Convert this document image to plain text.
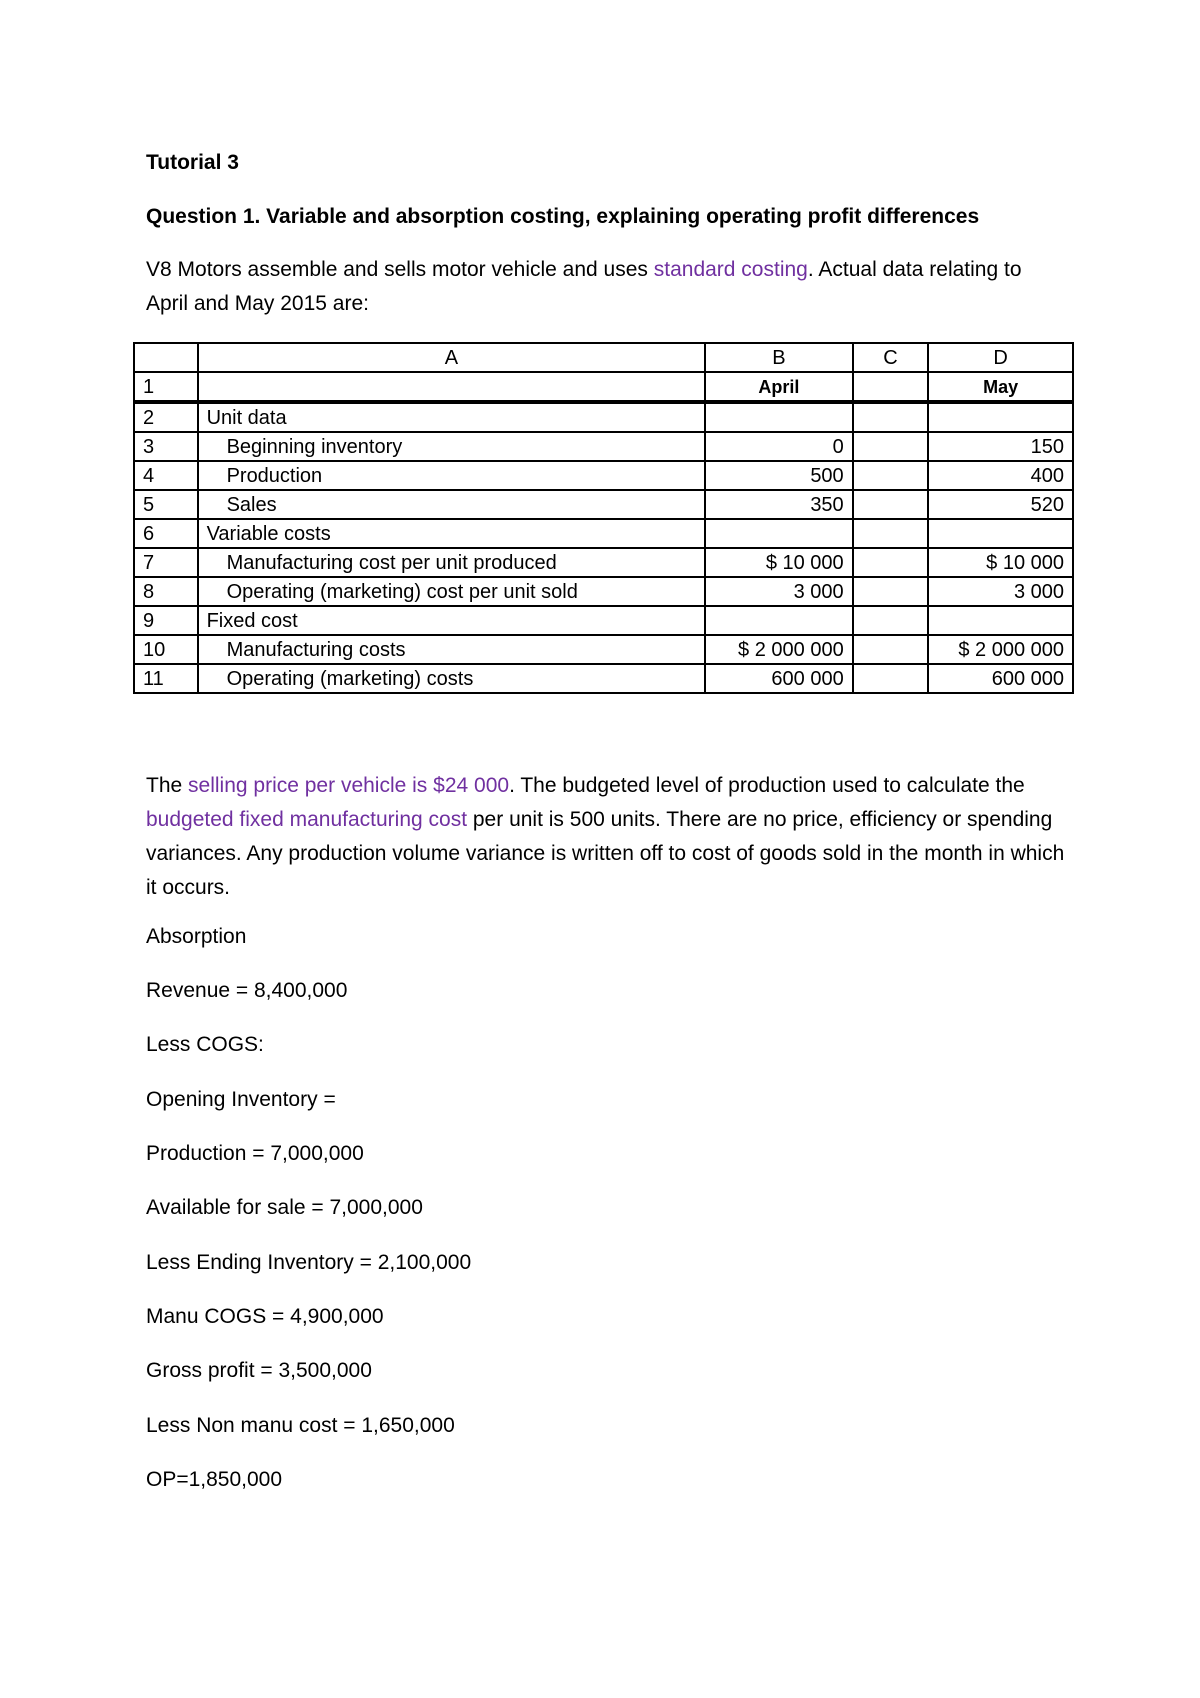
Tutorial 3

Question 1. Variable and absorption costing, explaining operating profit differences

V8 Motors assemble and sells motor vehicle and uses standard costing. Actual data relating to April and May 2015 are:

	A	B	C	D
1		April		May
2	Unit data			
3	Beginning inventory	0		150
4	Production	500		400
5	Sales	350		520
6	Variable costs			
7	Manufacturing cost per unit produced	$ 10 000		$ 10 000
8	Operating (marketing) cost per unit sold	3 000		3 000
9	Fixed cost			
10	Manufacturing costs	$ 2 000 000		$ 2 000 000
11	Operating (marketing) costs	600 000		600 000

The selling price per vehicle is $24 000. The budgeted level of production used to calculate the budgeted fixed manufacturing cost per unit is 500 units. There are no price, efficiency or spending variances. Any production volume variance is written off to cost of goods sold in the month in which it occurs.

Absorption

Revenue = 8,400,000

Less COGS:

Opening Inventory =

Production = 7,000,000

Available for sale = 7,000,000

Less Ending Inventory = 2,100,000

Manu COGS = 4,900,000

Gross profit = 3,500,000

Less Non manu cost = 1,650,000

OP=1,850,000
